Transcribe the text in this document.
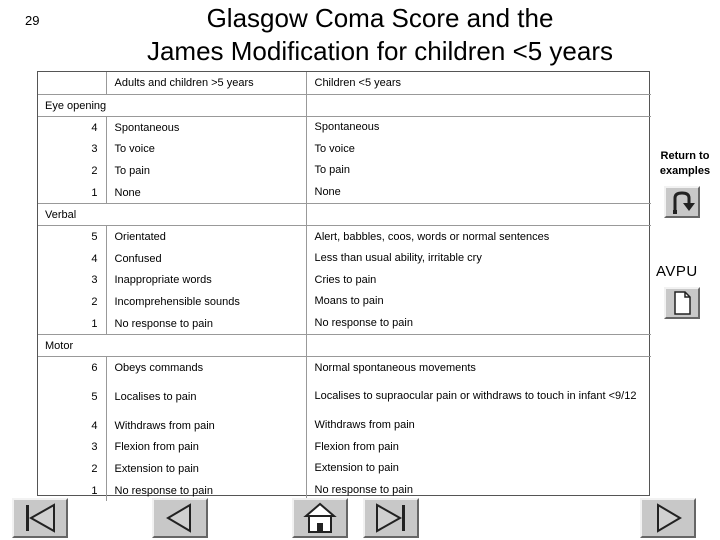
29	Glasgow Coma Score and the
James Modification for children <5 years
	Adults and children >5 years	Children <5 years
Eye opening		
4	Spontaneous	Spontaneous
3	To voice	To voice
2	To pain	To pain
1	None	None
Verbal		
5	Orientated	Alert, babbles, coos, words or normal sentences
4	Confused	Less than usual ability, irritable cry
3	Inappropriate words	Cries to pain
2	Incomprehensible sounds	Moans to pain
1	No response to pain	No response to pain
Motor		
6	Obeys commands	Normal spontaneous movements
5	Localises to pain	Localises to supraocular pain or withdraws to touch in infant <9/12
4	Withdraws from pain	Withdraws from pain
3	Flexion from pain	Flexion from pain
2	Extension to pain	Extension to pain
1	No response to pain	No response to pain
Return to examples
AVPU
